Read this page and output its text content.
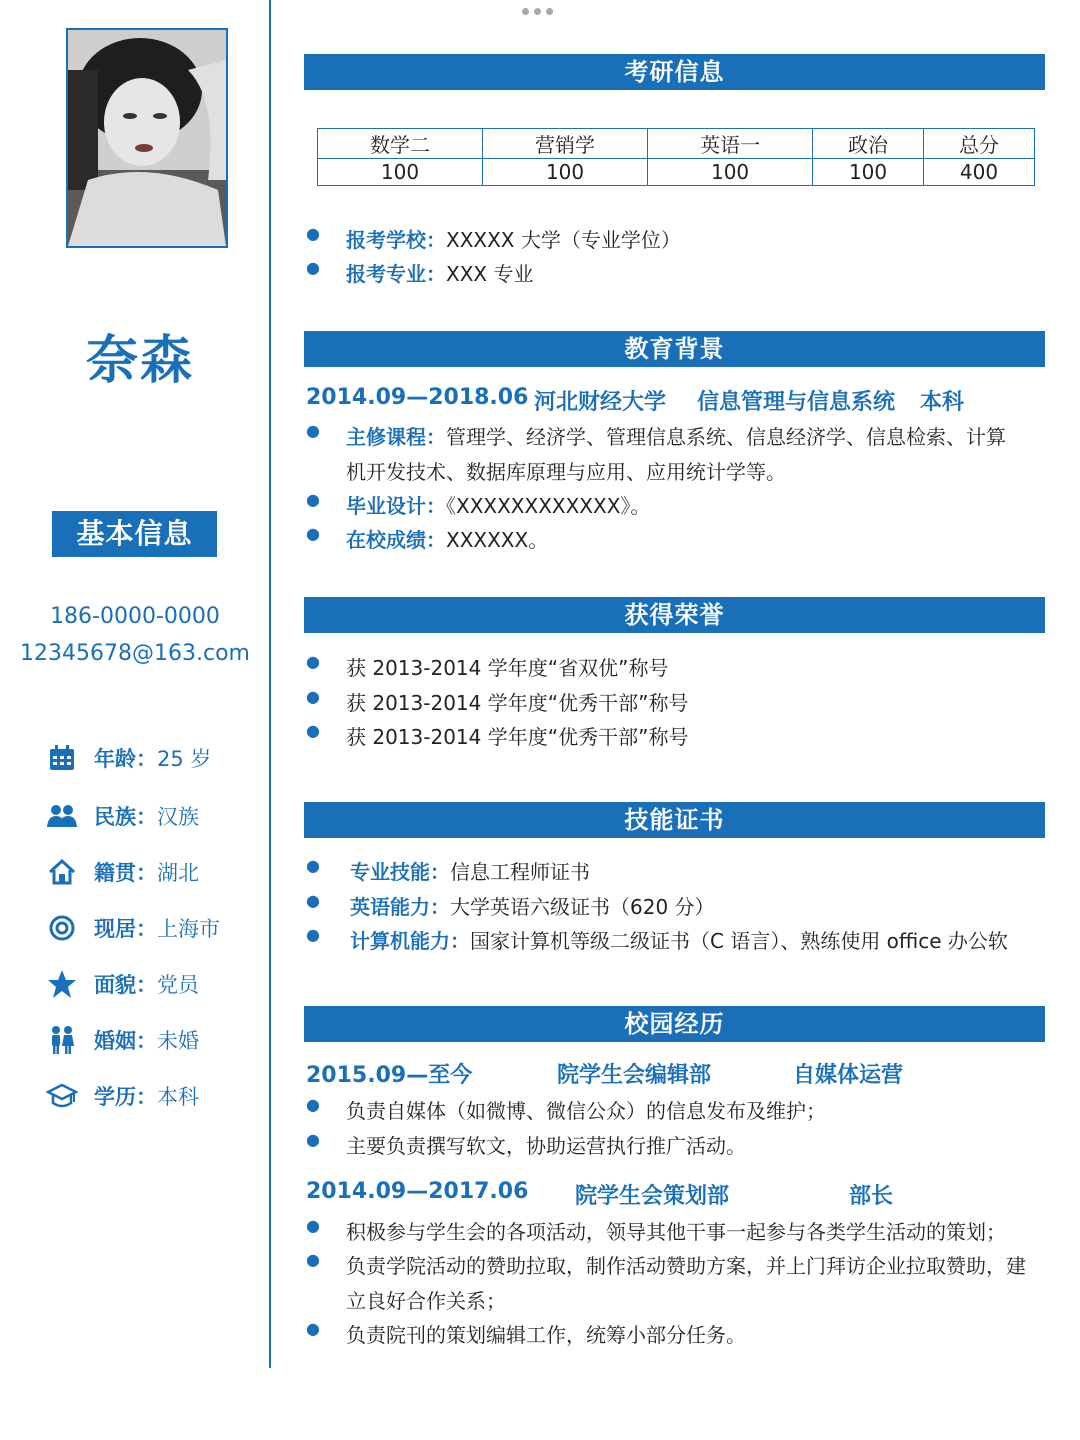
奈森
基本信息
186-0000-0000
12345678@163.com
年龄： 25 岁
民族： 汉族
籍贯： 湖北
现居： 上海市
面貌： 党员
婚姻： 未婚
学历： 本科
考研信息
数学二	营销学	英语一	政治	总分
100	100	100	100	400
● 报考学校：XXXXX 大学（专业学位）
● 报考专业：XXX 专业
教育背景
2014.09—2018.06 河北财经大学 信息管理与信息系统 本科
● 主修课程：管理学、经济学、管理信息系统、信息经济学、信息检索、计算
机开发技术、数据库原理与应用、应用统计学等。
● 毕业设计：《XXXXXXXXXXXX》。
● 在校成绩：XXXXXX。
获得荣誉
● 获 2013-2014 学年度“省双优”称号
● 获 2013-2014 学年度“优秀干部”称号
● 获 2013-2014 学年度“优秀干部”称号
技能证书
● 专业技能：信息工程师证书
● 英语能力：大学英语六级证书（620 分）
● 计算机能力：国家计算机等级二级证书（C 语言）、熟练使用 office 办公软
校园经历
2015.09—至今	院学生会编辑部	自媒体运营
● 负责自媒体（如微博、微信公众）的信息发布及维护；
● 主要负责撰写软文，协助运营执行推广活动。
2014.09—2017.06 院学生会策划部	部长
● 积极参与学生会的各项活动，领导其他干事一起参与各类学生活动的策划；
● 负责学院活动的赞助拉取，制作活动赞助方案，并上门拜访企业拉取赞助，建
立良好合作关系；
● 负责院刊的策划编辑工作，统筹小部分任务。
